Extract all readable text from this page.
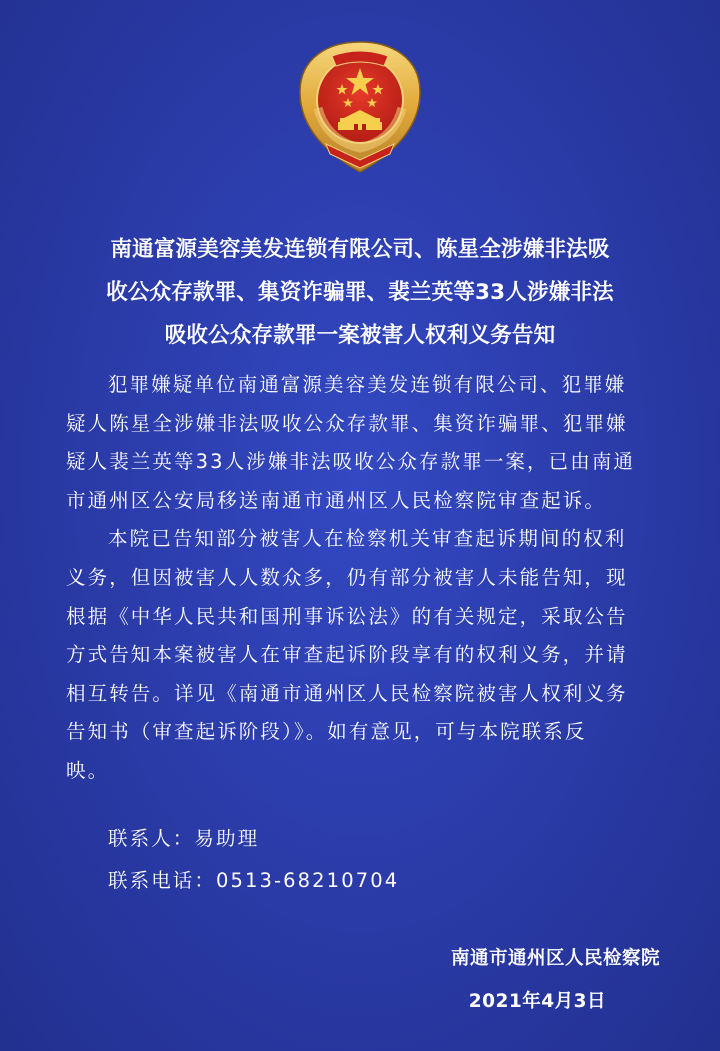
南通富源美容美发连锁有限公司、陈星全涉嫌非法吸
收公众存款罪、集资诈骗罪、裴兰英等33人涉嫌非法
吸收公众存款罪一案被害人权利义务告知
犯罪嫌疑单位南通富源美容美发连锁有限公司、犯罪嫌
疑人陈星全涉嫌非法吸收公众存款罪、集资诈骗罪、犯罪嫌
疑人裴兰英等33人涉嫌非法吸收公众存款罪一案，已由南通
市通州区公安局移送南通市通州区人民检察院审查起诉。
本院已告知部分被害人在检察机关审查起诉期间的权利
义务，但因被害人人数众多，仍有部分被害人未能告知，现
根据《中华人民共和国刑事诉讼法》的有关规定，采取公告
方式告知本案被害人在审查起诉阶段享有的权利义务，并请
相互转告。详见《南通市通州区人民检察院被害人权利义务
告知书（审查起诉阶段）》。如有意见，可与本院联系反
映。
联系人：易助理
联系电话：0513-68210704
南通市通州区人民检察院
2021年4月3日
